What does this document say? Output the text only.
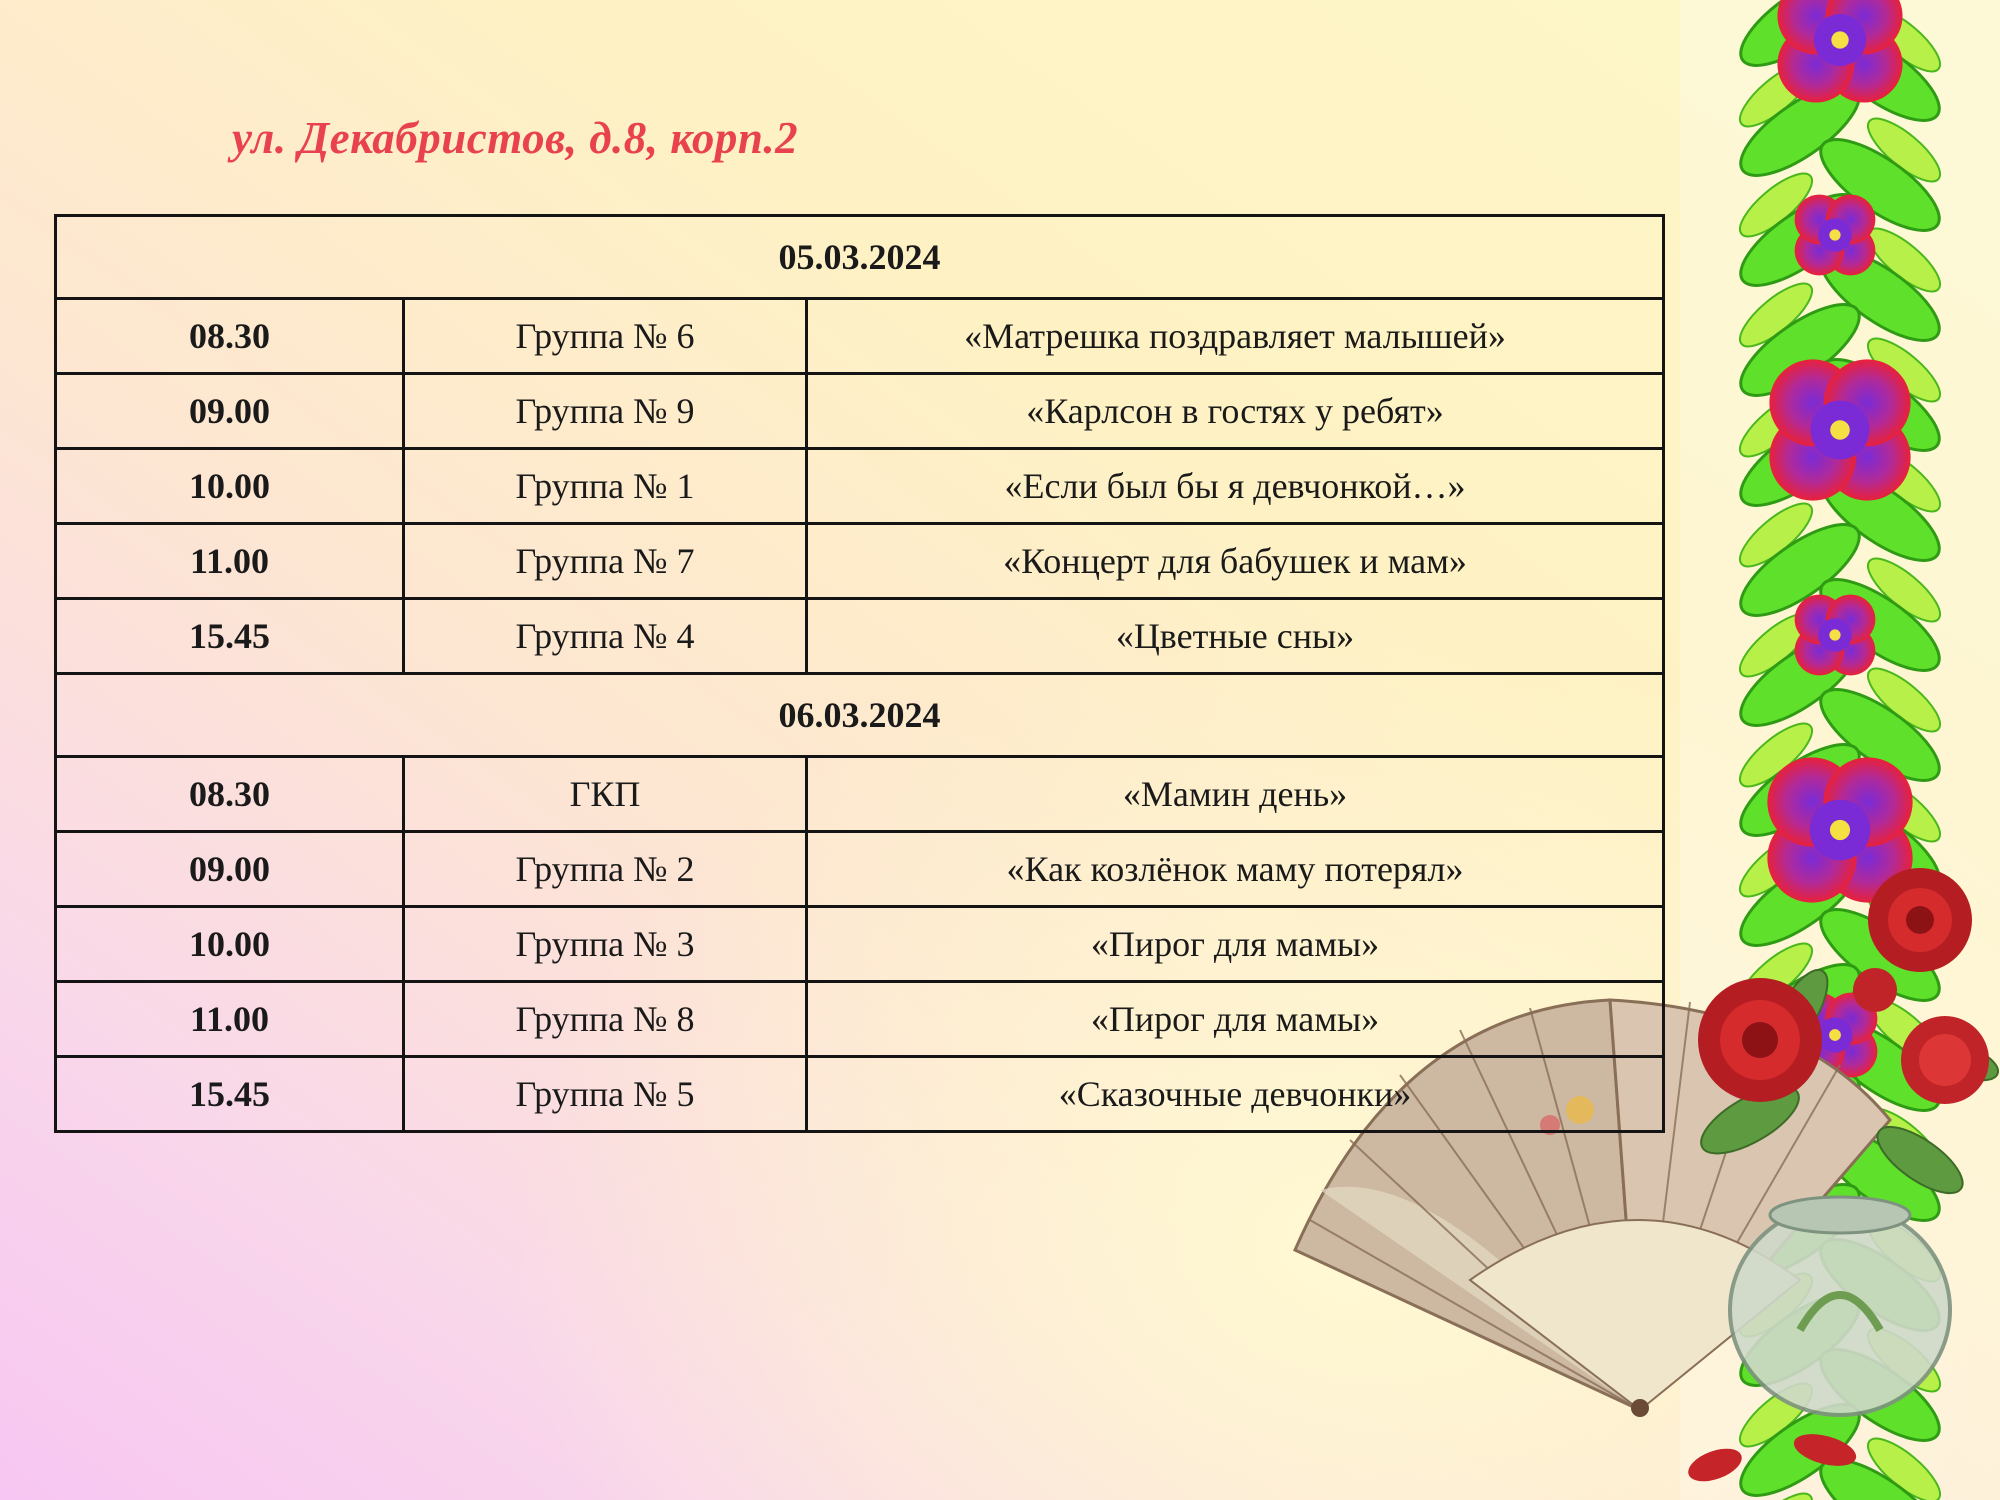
ул. Декабристов, д.8, корп.2
05.03.2024		
08.30	Группа № 6	«Матрешка поздравляет малышей»
09.00	Группа № 9	«Карлсон в гостях у ребят»
10.00	Группа № 1	«Если был бы я девчонкой…»
11.00	Группа № 7	«Концерт для бабушек и мам»
15.45	Группа № 4	«Цветные сны»
06.03.2024		
08.30	ГКП	«Мамин день»
09.00	Группа № 2	«Как козлёнок маму потерял»
10.00	Группа № 3	«Пирог для мамы»
11.00	Группа № 8	«Пирог для мамы»
15.45	Группа № 5	«Сказочные девчонки»
